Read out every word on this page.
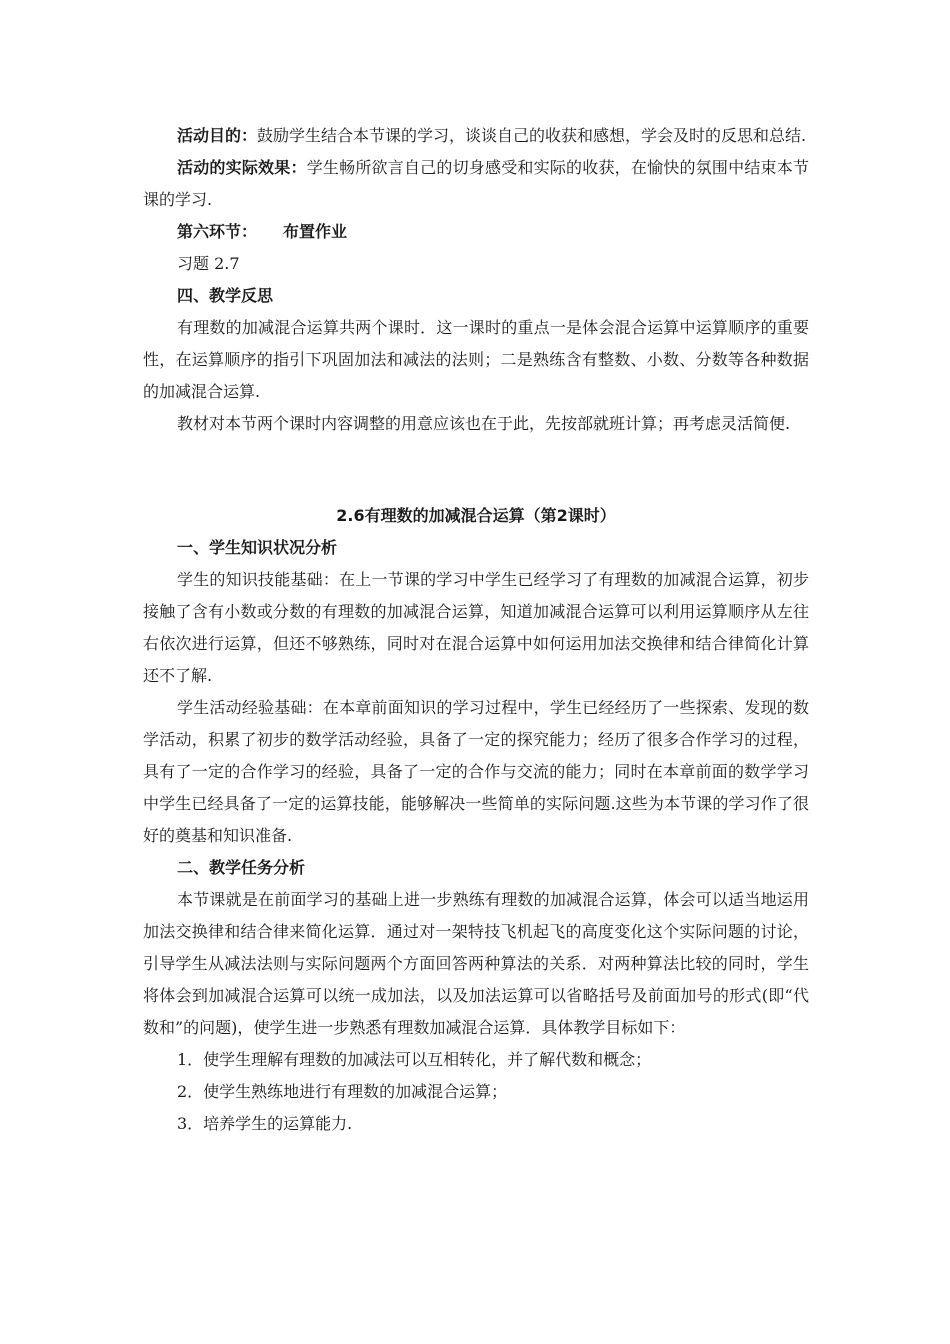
活动目的：鼓励学生结合本节课的学习，谈谈自己的收获和感想，学会及时的反思和总结.

活动的实际效果：学生畅所欲言自己的切身感受和实际的收获，在愉快的氛围中结束本节课的学习.

第六环节： 布置作业

习题 2.7

四、教学反思

有理数的加减混合运算共两个课时．这一课时的重点一是体会混合运算中运算顺序的重要性，在运算顺序的指引下巩固加法和减法的法则；二是熟练含有整数、小数、分数等各种数据的加减混合运算.

教材对本节两个课时内容调整的用意应该也在于此，先按部就班计算；再考虑灵活简便.

2.6有理数的加减混合运算（第2课时）

一、学生知识状况分析

学生的知识技能基础：在上一节课的学习中学生已经学习了有理数的加减混合运算，初步接触了含有小数或分数的有理数的加减混合运算，知道加减混合运算可以利用运算顺序从左往右依次进行运算，但还不够熟练，同时对在混合运算中如何运用加法交换律和结合律简化计算还不了解.

学生活动经验基础：在本章前面知识的学习过程中，学生已经经历了一些探索、发现的数学活动，积累了初步的数学活动经验，具备了一定的探究能力；经历了很多合作学习的过程，具有了一定的合作学习的经验，具备了一定的合作与交流的能力；同时在本章前面的数学学习中学生已经具备了一定的运算技能，能够解决一些简单的实际问题.这些为本节课的学习作了很好的奠基和知识准备.

二、教学任务分析

本节课就是在前面学习的基础上进一步熟练有理数的加减混合运算，体会可以适当地运用加法交换律和结合律来简化运算．通过对一架特技飞机起飞的高度变化这个实际问题的讨论，引导学生从减法法则与实际问题两个方面回答两种算法的关系．对两种算法比较的同时，学生将体会到加减混合运算可以统一成加法，以及加法运算可以省略括号及前面加号的形式(即“代数和”的问题)，使学生进一步熟悉有理数加减混合运算．具体教学目标如下：

1．使学生理解有理数的加减法可以互相转化，并了解代数和概念；

2．使学生熟练地进行有理数的加减混合运算；

3．培养学生的运算能力.
